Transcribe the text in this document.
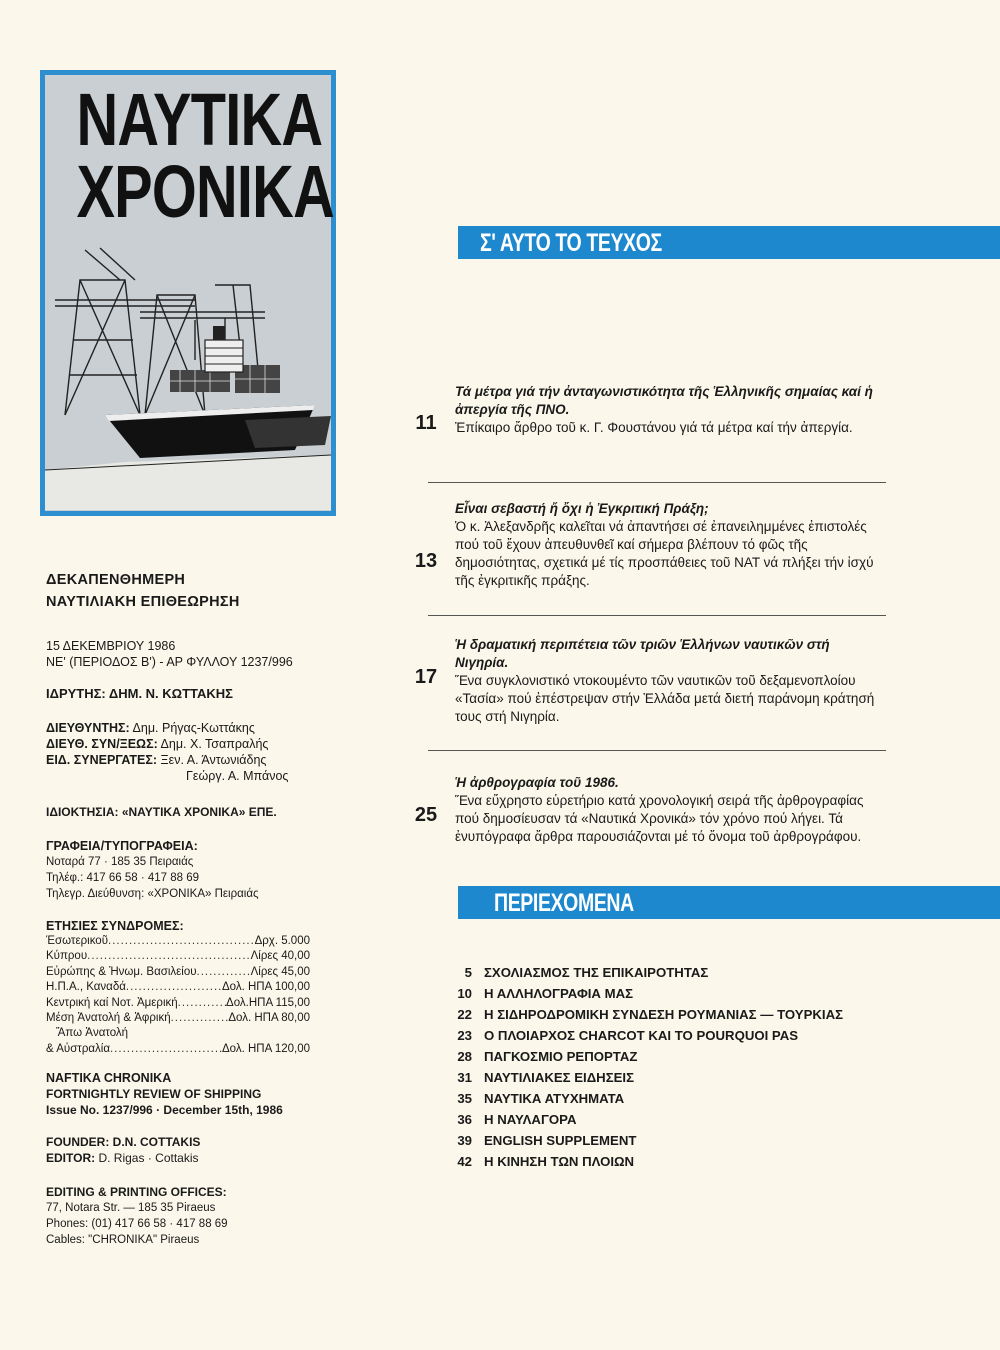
ΝΑΥΤΙΚΑ
ΧΡΟΝΙΚΑ
ΔΕΚΑΠΕΝΘΗΜΕΡΗ
ΝΑΥΤΙΛΙΑΚΗ ΕΠΙΘΕΩΡΗΣΗ
15 ΔΕΚΕΜΒΡΙΟΥ 1986
ΝΕ' (ΠΕΡΙΟΔΟΣ Β') - ΑΡ ΦΥΛΛΟΥ 1237/996
ΙΔΡΥΤΗΣ: ΔΗΜ. Ν. ΚΩΤΤΑΚΗΣ
ΔΙΕΥΘΥΝΤΗΣ: Δημ. Ρήγας-Κωττάκης
ΔΙΕΥΘ. ΣΥΝ/ΞΕΩΣ: Δημ. Χ. Τσαπραλής
ΕΙΔ. ΣΥΝΕΡΓΑΤΕΣ: Ξεν. Α. Άντωνιάδης
Γεώργ. Α. Μπάνος
ΙΔΙΟΚΤΗΣΙΑ: «ΝΑΥΤΙΚΑ ΧΡΟΝΙΚΑ» ΕΠΕ.
ΓΡΑΦΕΙΑ/ΤΥΠΟΓΡΑΦΕΙΑ:
Νοταρά 77 · 185 35 Πειραιάς
Τηλέφ.: 417 66 58 · 417 88 69
Τηλεγρ. Διεύθυνση: «ΧΡΟΝΙΚΑ» Πειραιάς
ΕΤΗΣΙΕΣ ΣΥΝΔΡΟΜΕΣ:
Έσωτερικοῦ .....	Δρχ. 5.000
Κύπρου .....	Λίρες 40,00
Εὐρώπης & Ἡνωμ. Βασιλείου .....	Λίρες 45,00
Η.Π.Α., Καναδά .....	Δολ. ΗΠΑ 100,00
Κεντρική καί Νοτ. Ἀμερική .....	Δολ.ΗΠΑ 115,00
Μέση Ἀνατολή & Ἀφρική .....	Δολ. ΗΠΑ 80,00
Ἄπω Ἀνατολή
& Αὐστραλία .....	Δολ. ΗΠΑ 120,00
NAFTIKA CHRONIKA
FORTNIGHTLY REVIEW OF SHIPPING
Issue No. 1237/996 · December 15th, 1986
FOUNDER: D.N. COTTAKIS
EDITOR: D. Rigas · Cottakis
EDITING & PRINTING OFFICES:
77, Notara Str. — 185 35 Piraeus
Phones: (01) 417 66 58 · 417 88 69
Cables: "CHRONIKA" Piraeus
Σ' ΑΥΤΟ ΤΟ ΤΕΥΧΟΣ
11
Τά μέτρα γιά τήν ἀνταγωνιστικότητα τῆς Ἑλληνικῆς σημαίας καί ἡ ἀπεργία τῆς ΠΝΟ.
Ἐπίκαιρο ἄρθρο τοῦ κ. Γ. Φουστάνου γιά τά μέτρα καί τήν ἀπεργία.
13
Εἶναι σεβαστή ἤ ὄχι ἡ Ἐγκριτική Πράξη;
Ὁ κ. Ἀλεξανδρῆς καλεῖται νά ἀπαντήσει σέ ἐπανειλημμένες ἐπιστολές πού τοῦ ἔχουν ἀπευθυνθεῖ καί σήμερα βλέπουν τό φῶς τῆς δημοσιότητας, σχετικά μέ τίς προσπάθειες τοῦ ΝΑΤ νά πλήξει τήν ἰσχύ τῆς ἐγκριτικῆς πράξης.
17
Ἡ δραματική περιπέτεια τῶν τριῶν Ἑλλήνων ναυτικῶν στή Νιγηρία.
Ἕνα συγκλονιστικό ντοκουμέντο τῶν ναυτικῶν τοῦ δεξαμενοπλοίου «Τασία» πού ἐπέστρεψαν στήν Ἑλλάδα μετά διετή παράνομη κράτησή τους στή Νιγηρία.
25
Ἡ ἀρθρογραφία τοῦ 1986.
Ἕνα εὔχρηστο εὑρετήριο κατά χρονολογική σειρά τῆς ἀρθρογραφίας πού δημοσίευσαν τά «Ναυτικά Χρονικά» τόν χρόνο πού λήγει. Τά ἐνυπόγραφα ἄρθρα παρουσιάζονται μέ τό ὄνομα τοῦ ἀρθρογράφου.
ΠΕΡΙΕΧΟΜΕΝΑ
5 ΣΧΟΛΙΑΣΜΟΣ ΤΗΣ ΕΠΙΚΑΙΡΟΤΗΤΑΣ
10 Η ΑΛΛΗΛΟΓΡΑΦΙΑ ΜΑΣ
22 Η ΣΙΔΗΡΟΔΡΟΜΙΚΗ ΣΥΝΔΕΣΗ ΡΟΥΜΑΝΙΑΣ — ΤΟΥΡΚΙΑΣ
23 Ο ΠΛΟΙΑΡΧΟΣ CHARCOT ΚΑΙ ΤΟ POURQUOI PAS
28 ΠΑΓΚΟΣΜΙΟ ΡΕΠΟΡΤΑΖ
31 ΝΑΥΤΙΛΙΑΚΕΣ ΕΙΔΗΣΕΙΣ
35 ΝΑΥΤΙΚΑ ΑΤΥΧΗΜΑΤΑ
36 Η ΝΑΥΛΑΓΟΡΑ
39 ENGLISH SUPPLEMENT
42 Η ΚΙΝΗΣΗ ΤΩΝ ΠΛΟΙΩΝ
